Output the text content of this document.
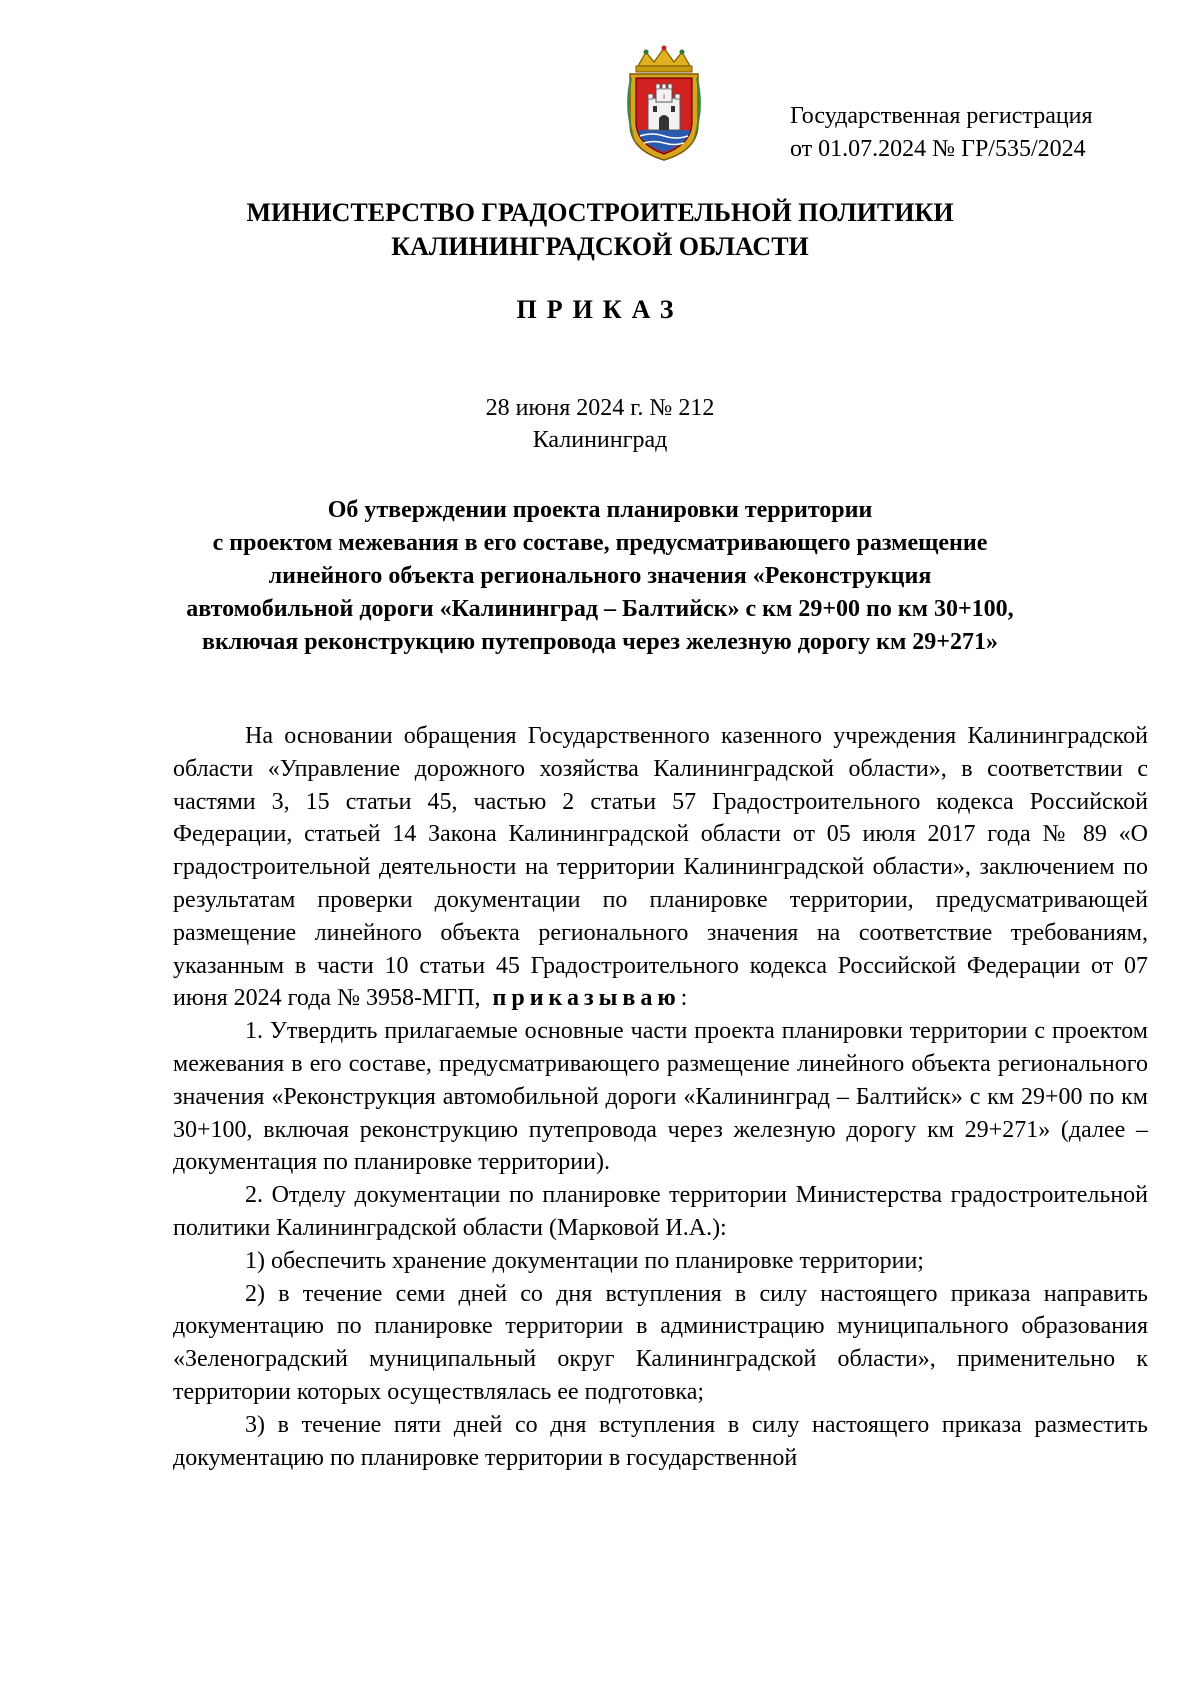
I
Государственная регистрация
от 01.07.2024 № ГР/535/2024
МИНИСТЕРСТВО ГРАДОСТРОИТЕЛЬНОЙ ПОЛИТИКИ
КАЛИНИНГРАДСКОЙ ОБЛАСТИ
ПРИКАЗ
28 июня 2024 г. № 212
Калининград
Об утверждении проекта планировки территории
с проектом межевания в его составе, предусматривающего размещение
линейного объекта регионального значения «Реконструкция
автомобильной дороги «Калининград – Балтийск» с км 29+00 по км 30+100,
включая реконструкцию путепровода через железную дорогу км 29+271»

На основании обращения Государственного казенного учреждения Калининградской области «Управление дорожного хозяйства Калининградской области», в соответствии с частями 3, 15 статьи 45, частью 2 статьи 57 Градостроительного кодекса Российской Федерации, статьей 14 Закона Калининградской области от 05 июля 2017 года № 89 «О градостроительной деятельности на территории Калининградской области», заключением по результатам проверки документации по планировке территории, предусматривающей размещение линейного объекта регионального значения на соответствие требованиям, указанным в части 10 статьи 45 Градостроительного кодекса Российской Федерации от 07 июня 2024 года № 3958-МГП, приказываю:

1. Утвердить прилагаемые основные части проекта планировки территории с проектом межевания в его составе, предусматривающего размещение линейного объекта регионального значения «Реконструкция автомобильной дороги «Калининград – Балтийск» с км 29+00 по км 30+100, включая реконструкцию путепровода через железную дорогу км 29+271» (далее – документация по планировке территории).

2. Отделу документации по планировке территории Министерства градостроительной политики Калининградской области (Марковой И.А.):

1) обеспечить хранение документации по планировке территории;

2) в течение семи дней со дня вступления в силу настоящего приказа направить документацию по планировке территории в администрацию муниципального образования «Зеленоградский муниципальный округ Калининградской области», применительно к территории которых осуществлялась ее подготовка;

3) в течение пяти дней со дня вступления в силу настоящего приказа разместить документацию по планировке территории в государственной
